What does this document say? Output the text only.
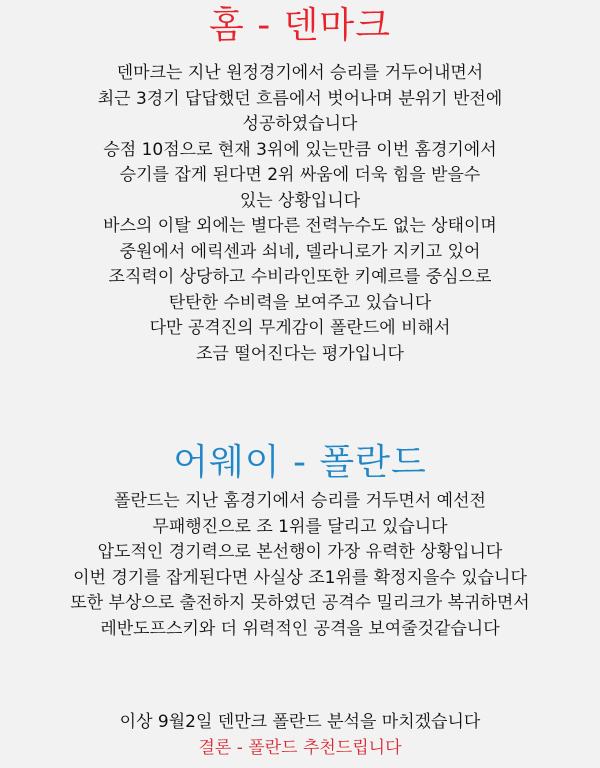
홈 - 덴마크

덴마크는 지난 원정경기에서 승리를 거두어내면서
최근 3경기 답답했던 흐름에서 벗어나며 분위기 반전에
성공하였습니다
승점 10점으로 현재 3위에 있는만큼 이번 홈경기에서
승기를 잡게 된다면 2위 싸움에 더욱 힘을 받을수
있는 상황입니다
바스의 이탈 외에는 별다른 전력누수도 없는 상태이며
중원에서 에릭센과 쇠네, 델라니로가 지키고 있어
조직력이 상당하고 수비라인또한 키예르를 중심으로
탄탄한 수비력을 보여주고 있습니다
다만 공격진의 무게감이 폴란드에 비해서
조금 떨어진다는 평가입니다

어웨이 - 폴란드

폴란드는 지난 홈경기에서 승리를 거두면서 예선전
무패행진으로 조 1위를 달리고 있습니다
압도적인 경기력으로 본선행이 가장 유력한 상황입니다
이번 경기를 잡게된다면 사실상 조1위를 확정지을수 있습니다
또한 부상으로 출전하지 못하였던 공격수 밀리크가 복귀하면서
레반도프스키와 더 위력적인 공격을 보여줄것같습니다

이상 9월2일 덴만크 폴란드 분석을 마치겠습니다
결론 - 폴란드 추천드립니다
